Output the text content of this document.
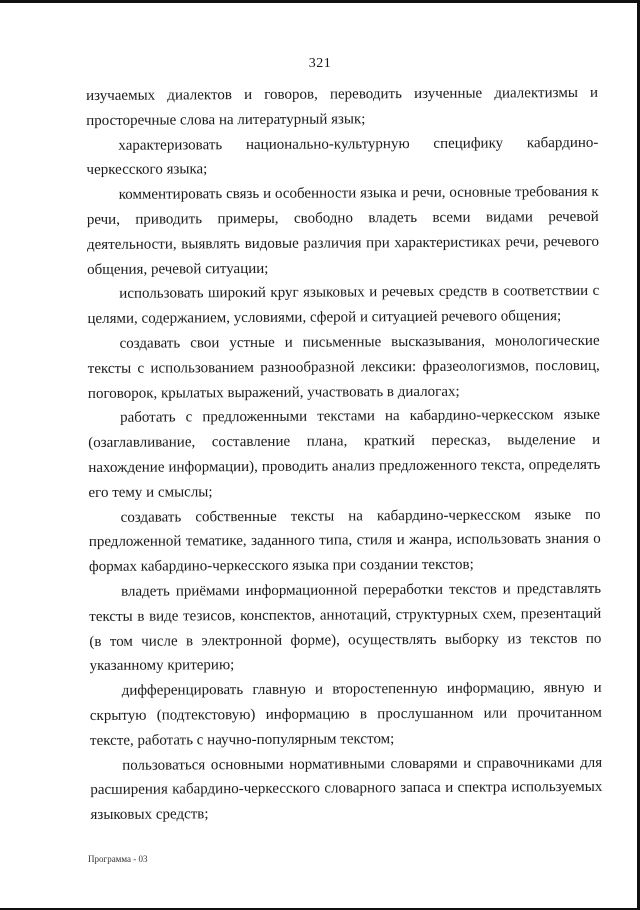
321

изучаемых диалектов и говоров, переводить изученные диалектизмы и просторечные слова на литературный язык;

характеризовать национально-культурную специфику кабардино-черкесского языка;

комментировать связь и особенности языка и речи, основные требования к речи, приводить примеры, свободно владеть всеми видами речевой деятельности, выявлять видовые различия при характеристиках речи, речевого общения, речевой ситуации;

использовать широкий круг языковых и речевых средств в соответствии с целями, содержанием, условиями, сферой и ситуацией речевого общения;

создавать свои устные и письменные высказывания, монологические тексты с использованием разнообразной лексики: фразеологизмов, пословиц, поговорок, крылатых выражений, участвовать в диалогах;

работать с предложенными текстами на кабардино-черкесском языке (озаглавливание, составление плана, краткий пересказ, выделение и нахождение информации), проводить анализ предложенного текста, определять его тему и смыслы;

создавать собственные тексты на кабардино-черкесском языке по предложенной тематике, заданного типа, стиля и жанра, использовать знания о формах кабардино-черкесского языка при создании текстов;

владеть приёмами информационной переработки текстов и представлять тексты в виде тезисов, конспектов, аннотаций, структурных схем, презентаций (в том числе в электронной форме), осуществлять выборку из текстов по указанному критерию;

дифференцировать главную и второстепенную информацию, явную и скрытую (подтекстовую) информацию в прослушанном или прочитанном тексте, работать с научно-популярным текстом;

пользоваться основными нормативными словарями и справочниками для расширения кабардино-черкесского словарного запаса и спектра используемых языковых средств;

Программа - 03
